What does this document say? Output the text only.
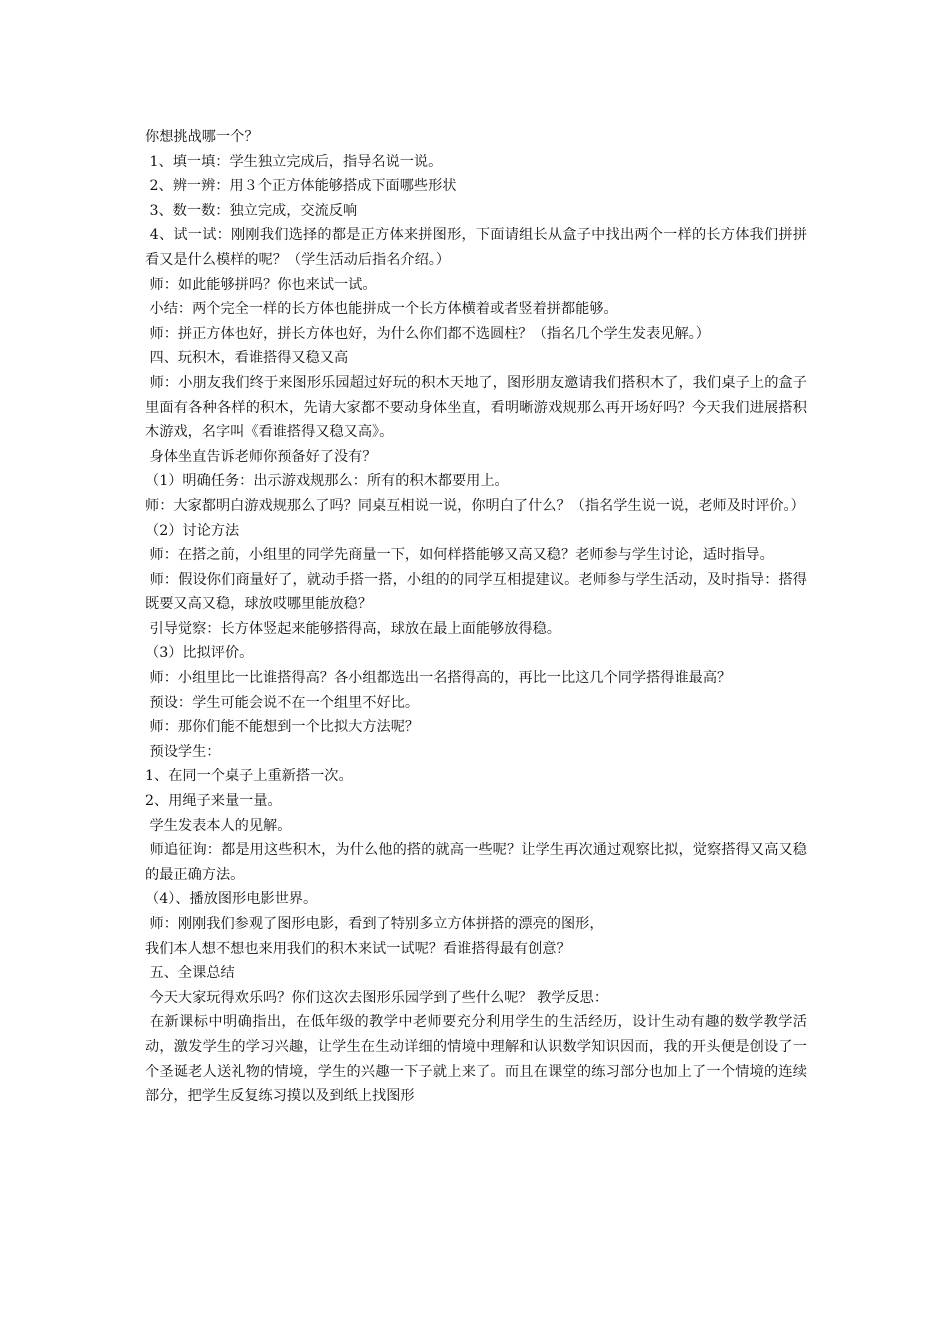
你想挑战哪一个？

1、填一填：学生独立完成后，指导名说一说。

2、辨一辨：用３个正方体能够搭成下面哪些形状

3、数一数：独立完成，交流反响

4、试一试：刚刚我们选择的都是正方体来拼图形，下面请组长从盒子中找出两个一样的长方体我们拼拼看又是什么模样的呢？（学生活动后指名介绍。）

师：如此能够拼吗？你也来试一试。

小结：两个完全一样的长方体也能拼成一个长方体横着或者竖着拼都能够。

师：拼正方体也好，拼长方体也好，为什么你们都不选圆柱？（指名几个学生发表见解。）

四、玩积木，看谁搭得又稳又高

师：小朋友我们终于来图形乐园超过好玩的积木天地了，图形朋友邀请我们搭积木了，我们桌子上的盒子里面有各种各样的积木，先请大家都不要动身体坐直，看明晰游戏规那么再开场好吗？今天我们进展搭积木游戏，名字叫《看谁搭得又稳又高》。

身体坐直告诉老师你预备好了没有？

（1）明确任务：出示游戏规那么：所有的积木都要用上。

师：大家都明白游戏规那么了吗？同桌互相说一说，你明白了什么？（指名学生说一说，老师及时评价。）

（2）讨论方法

师：在搭之前，小组里的同学先商量一下，如何样搭能够又高又稳？老师参与学生讨论，适时指导。

师：假设你们商量好了，就动手搭一搭，小组的的同学互相提建议。老师参与学生活动，及时指导：搭得既要又高又稳，球放哎哪里能放稳？

引导觉察：长方体竖起来能够搭得高，球放在最上面能够放得稳。

（3）比拟评价。

师：小组里比一比谁搭得高？各小组都选出一名搭得高的，再比一比这几个同学搭得谁最高？

预设：学生可能会说不在一个组里不好比。

师：那你们能不能想到一个比拟大方法呢？

预设学生：

1、在同一个桌子上重新搭一次。

2、用绳子来量一量。

学生发表本人的见解。

师追征询：都是用这些积木，为什么他的搭的就高一些呢？让学生再次通过观察比拟，觉察搭得又高又稳的最正确方法。

（4）、播放图形电影世界。

师：刚刚我们参观了图形电影，看到了特别多立方体拼搭的漂亮的图形，

我们本人想不想也来用我们的积木来试一试呢？看谁搭得最有创意？

五、全课总结

今天大家玩得欢乐吗？你们这次去图形乐园学到了些什么呢？ 教学反思：

在新课标中明确指出，在低年级的教学中老师要充分利用学生的生活经历，设计生动有趣的数学教学活动，激发学生的学习兴趣，让学生在生动详细的情境中理解和认识数学知识因而，我的开头便是创设了一个圣诞老人送礼物的情境，学生的兴趣一下子就上来了。而且在课堂的练习部分也加上了一个情境的连续部分，把学生反复练习摸以及到纸上找图形
